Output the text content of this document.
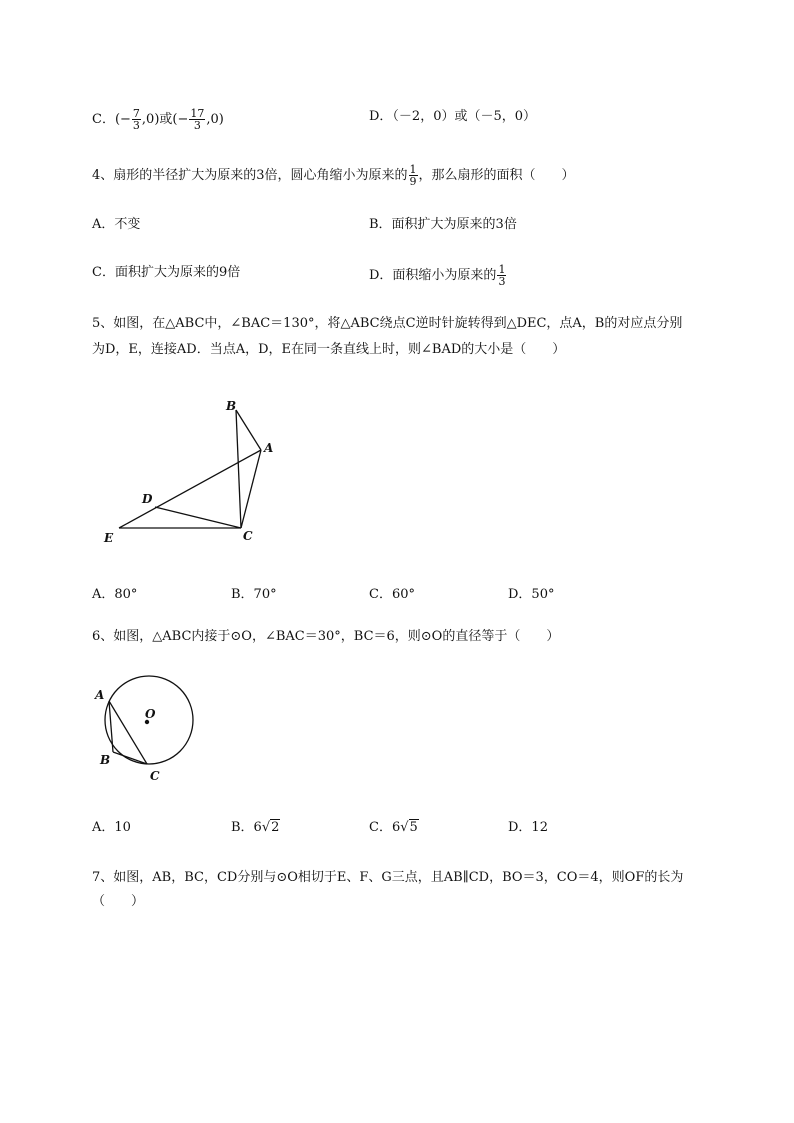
C．(− $\frac{7}{3} ,0$)或(− $\frac{17}{3} ,0$)	D．（－2，0）或（－5，0）
4、扇形的半径扩大为原来的3倍，圆心角缩小为原来的 $\frac{1}{9}$ ，那么扇形的面积（　　）
A．不变	B．面积扩大为原来的3倍
C．面积扩大为原来的9倍	D．面积缩小为原来的 $\frac{1}{3}$
5、如图，在△ABC中，∠BAC＝130°，将△ABC绕点C逆时针旋转得到△DEC，点A，B的对应点分别
为D，E，连接AD．当点A，D，E在同一条直线上时，则∠BAD的大小是（　　）
B
A
D
E	C
A．80°	B．70°	C．60°	D．50°
6、如图，△ABC内接于⊙O，∠BAC＝30°，BC＝6，则⊙O的直径等于（　　）
A
O
B
C
A．10	B．6√2	C．6√5	D．12
7、如图，AB，BC，CD分别与⊙O相切于E、F、G三点，且AB∥CD，BO＝3，CO＝4，则OF的长为
（　　）
